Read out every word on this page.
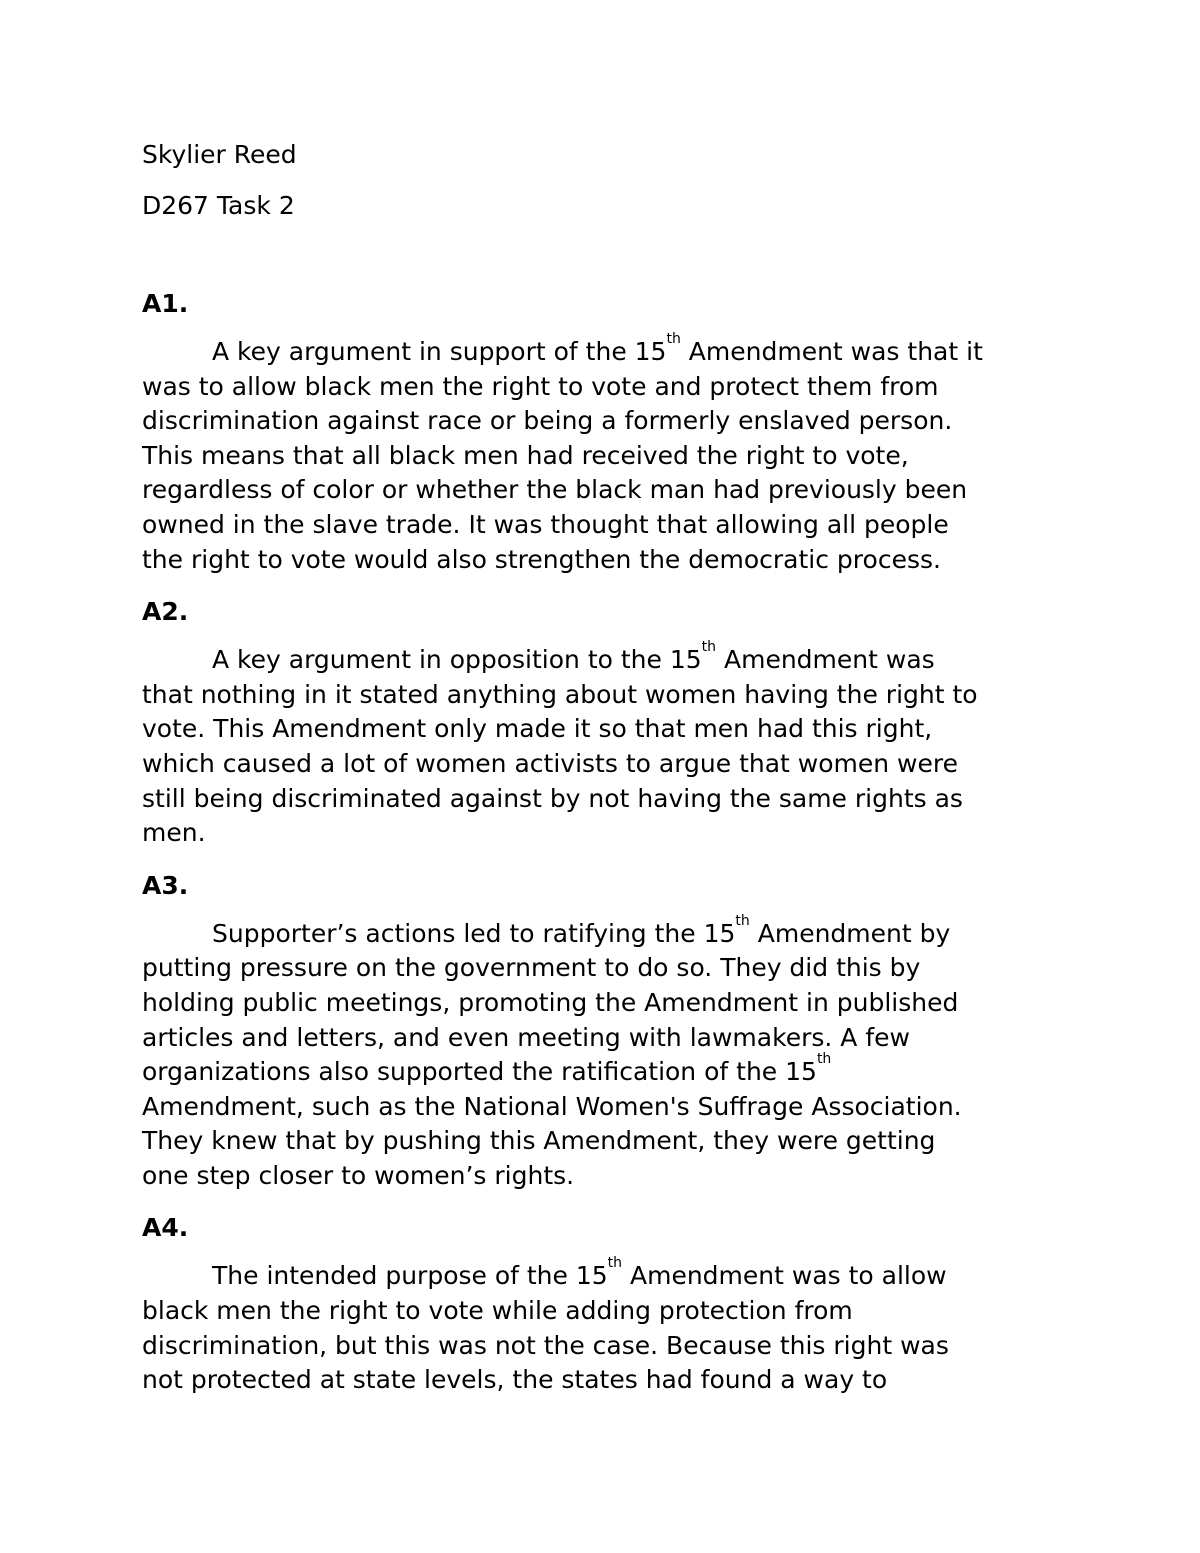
Skylier Reed

D267 Task 2

A1.

A key argument in support of the 15th Amendment was that it

was to allow black men the right to vote and protect them from

discrimination against race or being a formerly enslaved person.

This means that all black men had received the right to vote,

regardless of color or whether the black man had previously been

owned in the slave trade. It was thought that allowing all people

the right to vote would also strengthen the democratic process.

A2.

A key argument in opposition to the 15th Amendment was

that nothing in it stated anything about women having the right to

vote. This Amendment only made it so that men had this right,

which caused a lot of women activists to argue that women were

still being discriminated against by not having the same rights as

men.

A3.

Supporter’s actions led to ratifying the 15th Amendment by

putting pressure on the government to do so. They did this by

holding public meetings, promoting the Amendment in published

articles and letters, and even meeting with lawmakers. A few

organizations also supported the ratification of the 15th

Amendment, such as the National Women's Suffrage Association.

They knew that by pushing this Amendment, they were getting

one step closer to women’s rights.

A4.

The intended purpose of the 15th Amendment was to allow

black men the right to vote while adding protection from

discrimination, but this was not the case. Because this right was

not protected at state levels, the states had found a way to
